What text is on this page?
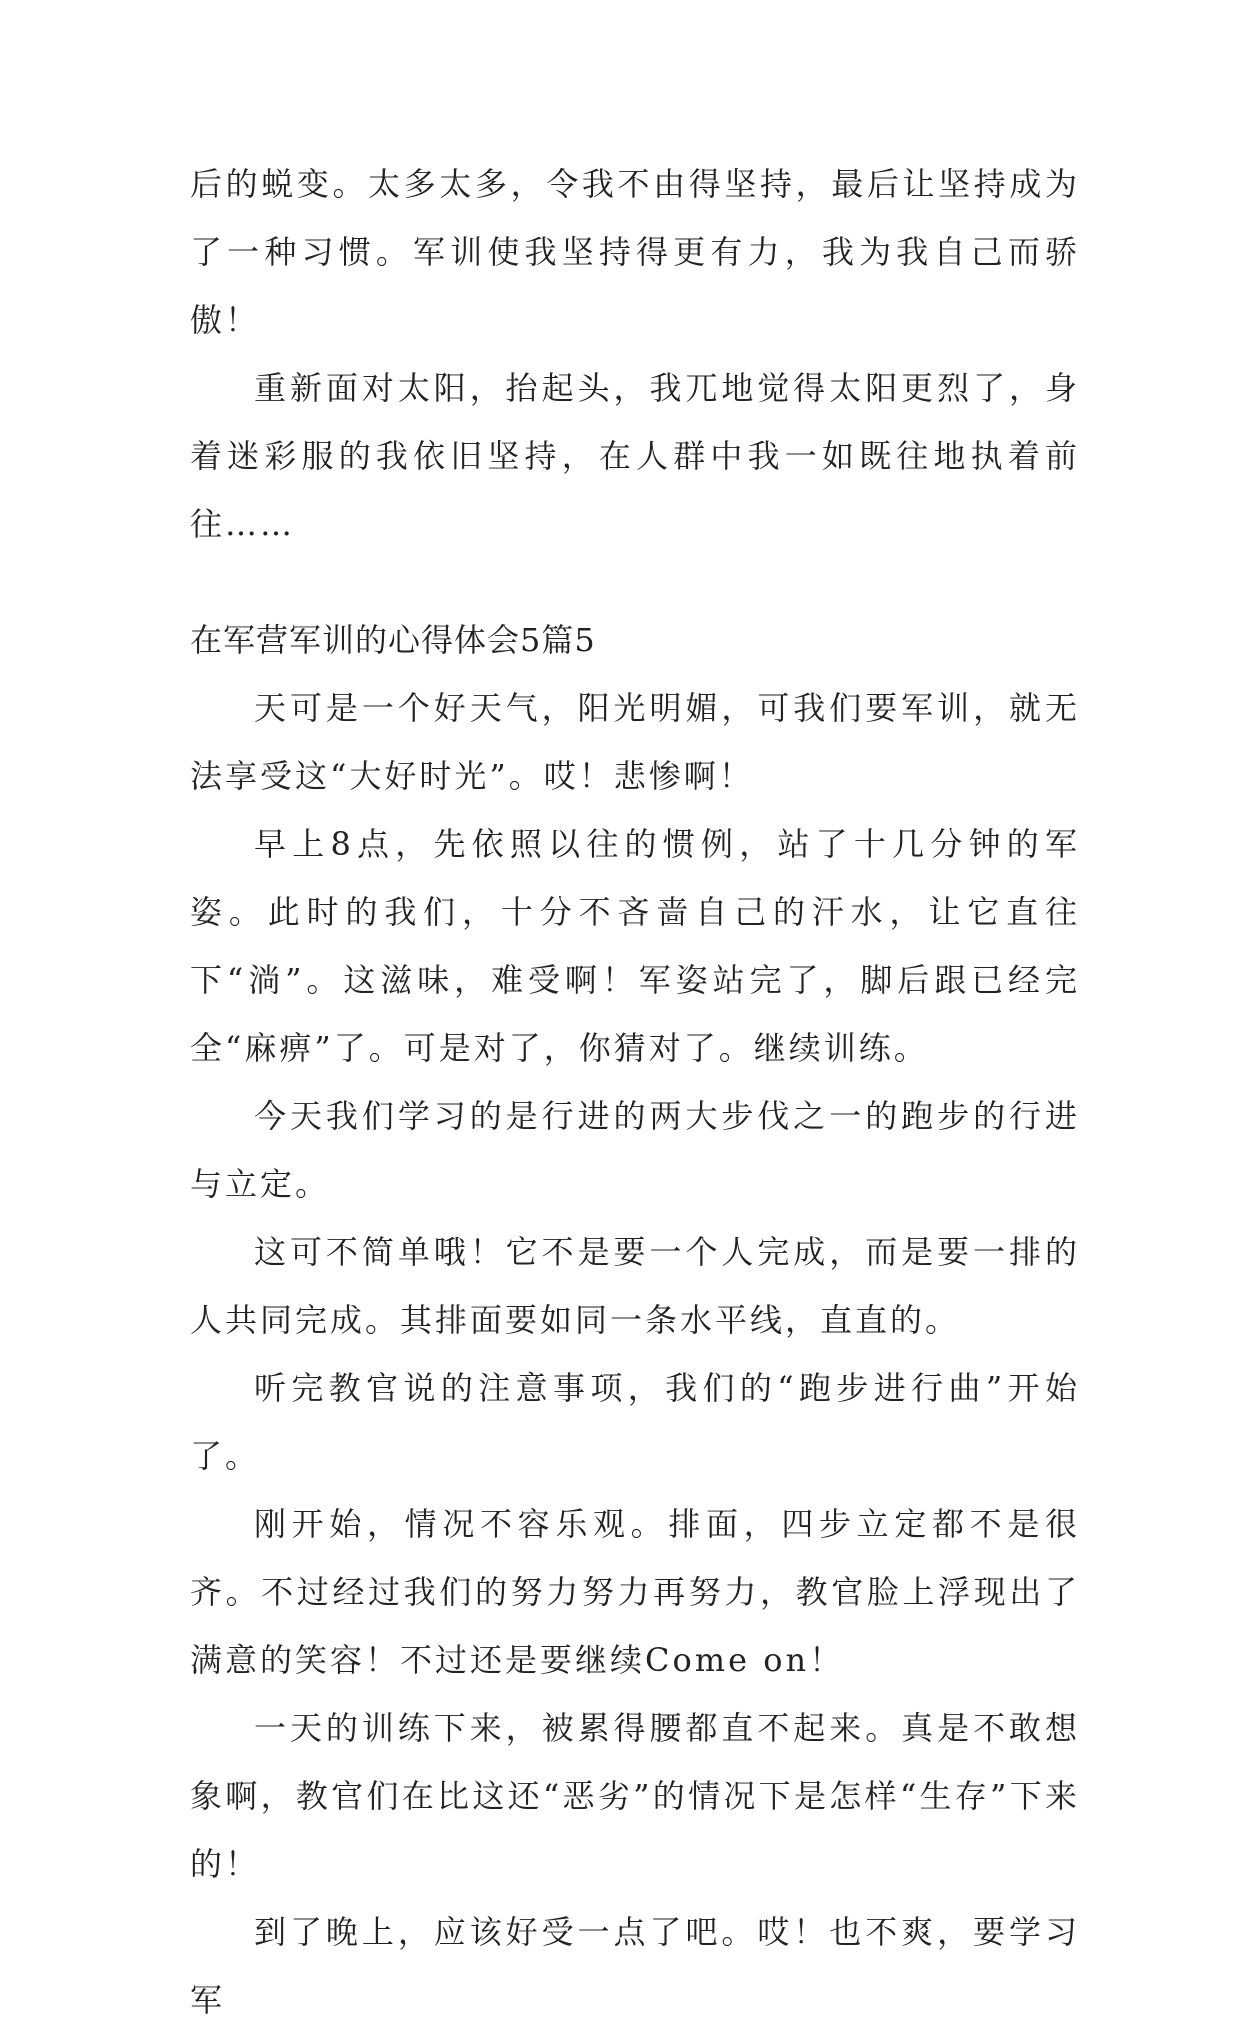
后的蜕变。太多太多，令我不由得坚持，最后让坚持成为了一种习惯。军训使我坚持得更有力，我为我自己而骄傲！

重新面对太阳，抬起头，我兀地觉得太阳更烈了，身着迷彩服的我依旧坚持，在人群中我一如既往地执着前往……

在军营军训的心得体会5篇5

天可是一个好天气，阳光明媚，可我们要军训，就无法享受这“大好时光”。哎！悲惨啊！

早上8点，先依照以往的惯例，站了十几分钟的军姿。此时的我们，十分不吝啬自己的汗水，让它直往下“淌”。这滋味，难受啊！军姿站完了，脚后跟已经完全“麻痹”了。可是对了，你猜对了。继续训练。

今天我们学习的是行进的两大步伐之一的跑步的行进与立定。

这可不简单哦！它不是要一个人完成，而是要一排的人共同完成。其排面要如同一条水平线，直直的。

听完教官说的注意事项，我们的“跑步进行曲”开始了。

刚开始，情况不容乐观。排面，四步立定都不是很齐。不过经过我们的努力努力再努力，教官脸上浮现出了满意的笑容！不过还是要继续Come on！

一天的训练下来，被累得腰都直不起来。真是不敢想象啊，教官们在比这还“恶劣”的情况下是怎样“生存”下来的！

到了晚上，应该好受一点了吧。哎！也不爽，要学习军
